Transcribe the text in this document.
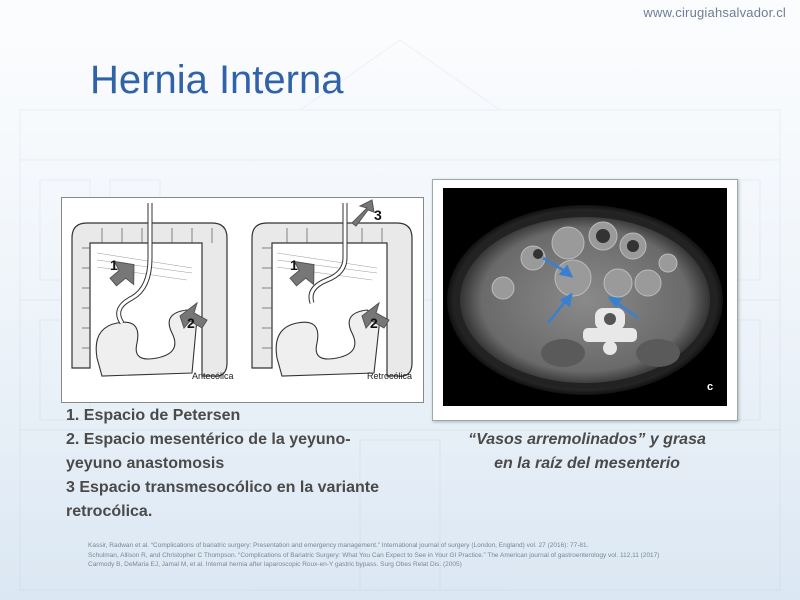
www.cirugiahsalvador.cl
Hernia Interna
1
2
1
2
3
Antecólica	Retrocólica
c
1. Espacio de Petersen
2. Espacio mesentérico de la yeyuno-
yeyuno anastomosis
3 Espacio transmesocólico en la variante
retrocólica.
“Vasos arremolinados” y grasa
en la raíz del mesenterio
Kassir, Radwan et al. “Complications of bariatric surgery: Presentation and emergency management.” International journal of surgery (London, England) vol. 27 (2016): 77-81.
Schulman, Allison R, and Christopher C Thompson. “Complications of Bariatric Surgery: What You Can Expect to See in Your GI Practice.” The American journal of gastroenterology vol. 112,11 (2017)
Carmody B, DeMaria EJ, Jamal M, et al. Internal hernia after laparoscopic Roux-en-Y gastric bypass. Surg Obes Relat Dis. (2005)
